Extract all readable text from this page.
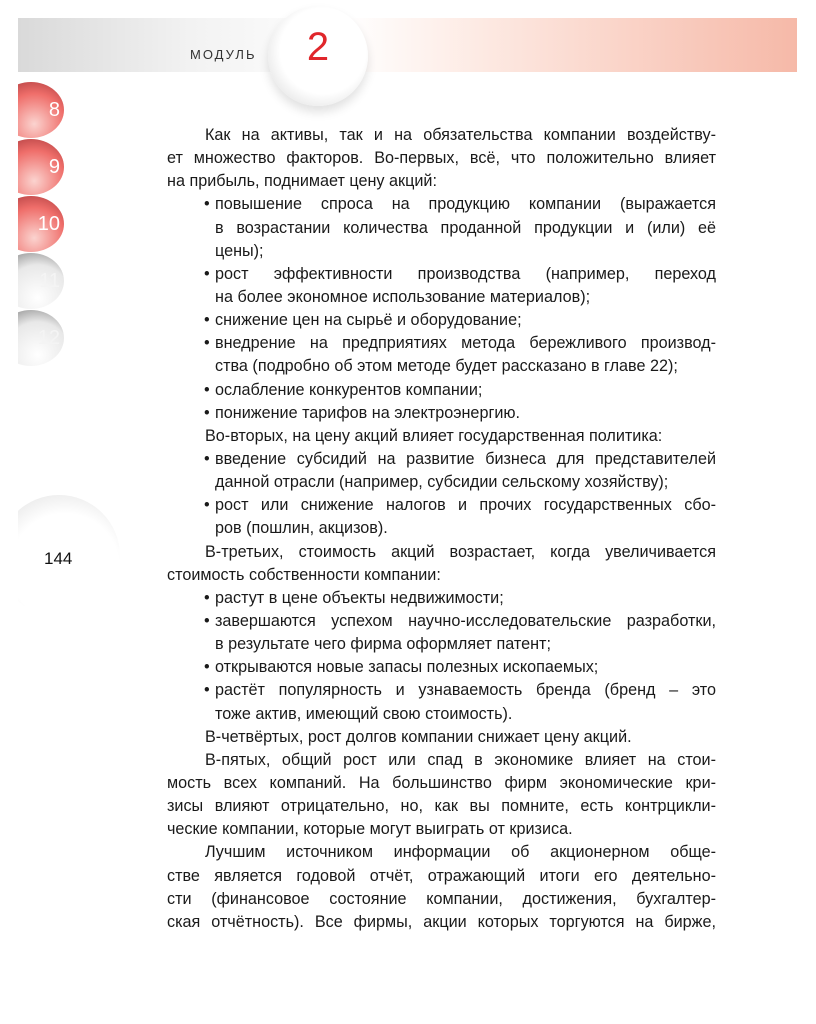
МОДУЛЬ	2
8
9
10
11
12
144
Как на активы, так и на обязательства компании воздейству-
ет множество факторов. Во-первых, всё, что положительно влияет
на прибыль, поднимает цену акций:
• повышение спроса на продукцию компании (выражается
в возрастании количества проданной продукции и (или) её
цены);
• рост эффективности производства (например, переход
на более экономное использование материалов);
• снижение цен на сырьё и оборудование;
• внедрение на предприятиях метода бережливого производ-
ства (подробно об этом методе будет рассказано в главе 22);
• ослабление конкурентов компании;
• понижение тарифов на электроэнергию.
Во-вторых, на цену акций влияет государственная политика:
• введение субсидий на развитие бизнеса для представителей
данной отрасли (например, субсидии сельскому хозяйству);
• рост или снижение налогов и прочих государственных сбо-
ров (пошлин, акцизов).
В-третьих, стоимость акций возрастает, когда увеличивается
стоимость собственности компании:
• растут в цене объекты недвижимости;
• завершаются успехом научно-исследовательские разработки,
в результате чего фирма оформляет патент;
• открываются новые запасы полезных ископаемых;
• растёт популярность и узнаваемость бренда (бренд – это
тоже актив, имеющий свою стоимость).
В-четвёртых, рост долгов компании снижает цену акций.
В-пятых, общий рост или спад в экономике влияет на стои-
мость всех компаний. На большинство фирм экономические кри-
зисы влияют отрицательно, но, как вы помните, есть контрцикли-
ческие компании, которые могут выиграть от кризиса.
Лучшим источником информации об акционерном обще-
стве является годовой отчёт, отражающий итоги его деятельно-
сти (финансовое состояние компании, достижения, бухгалтер-
ская отчётность). Все фирмы, акции которых торгуются на бирже,
